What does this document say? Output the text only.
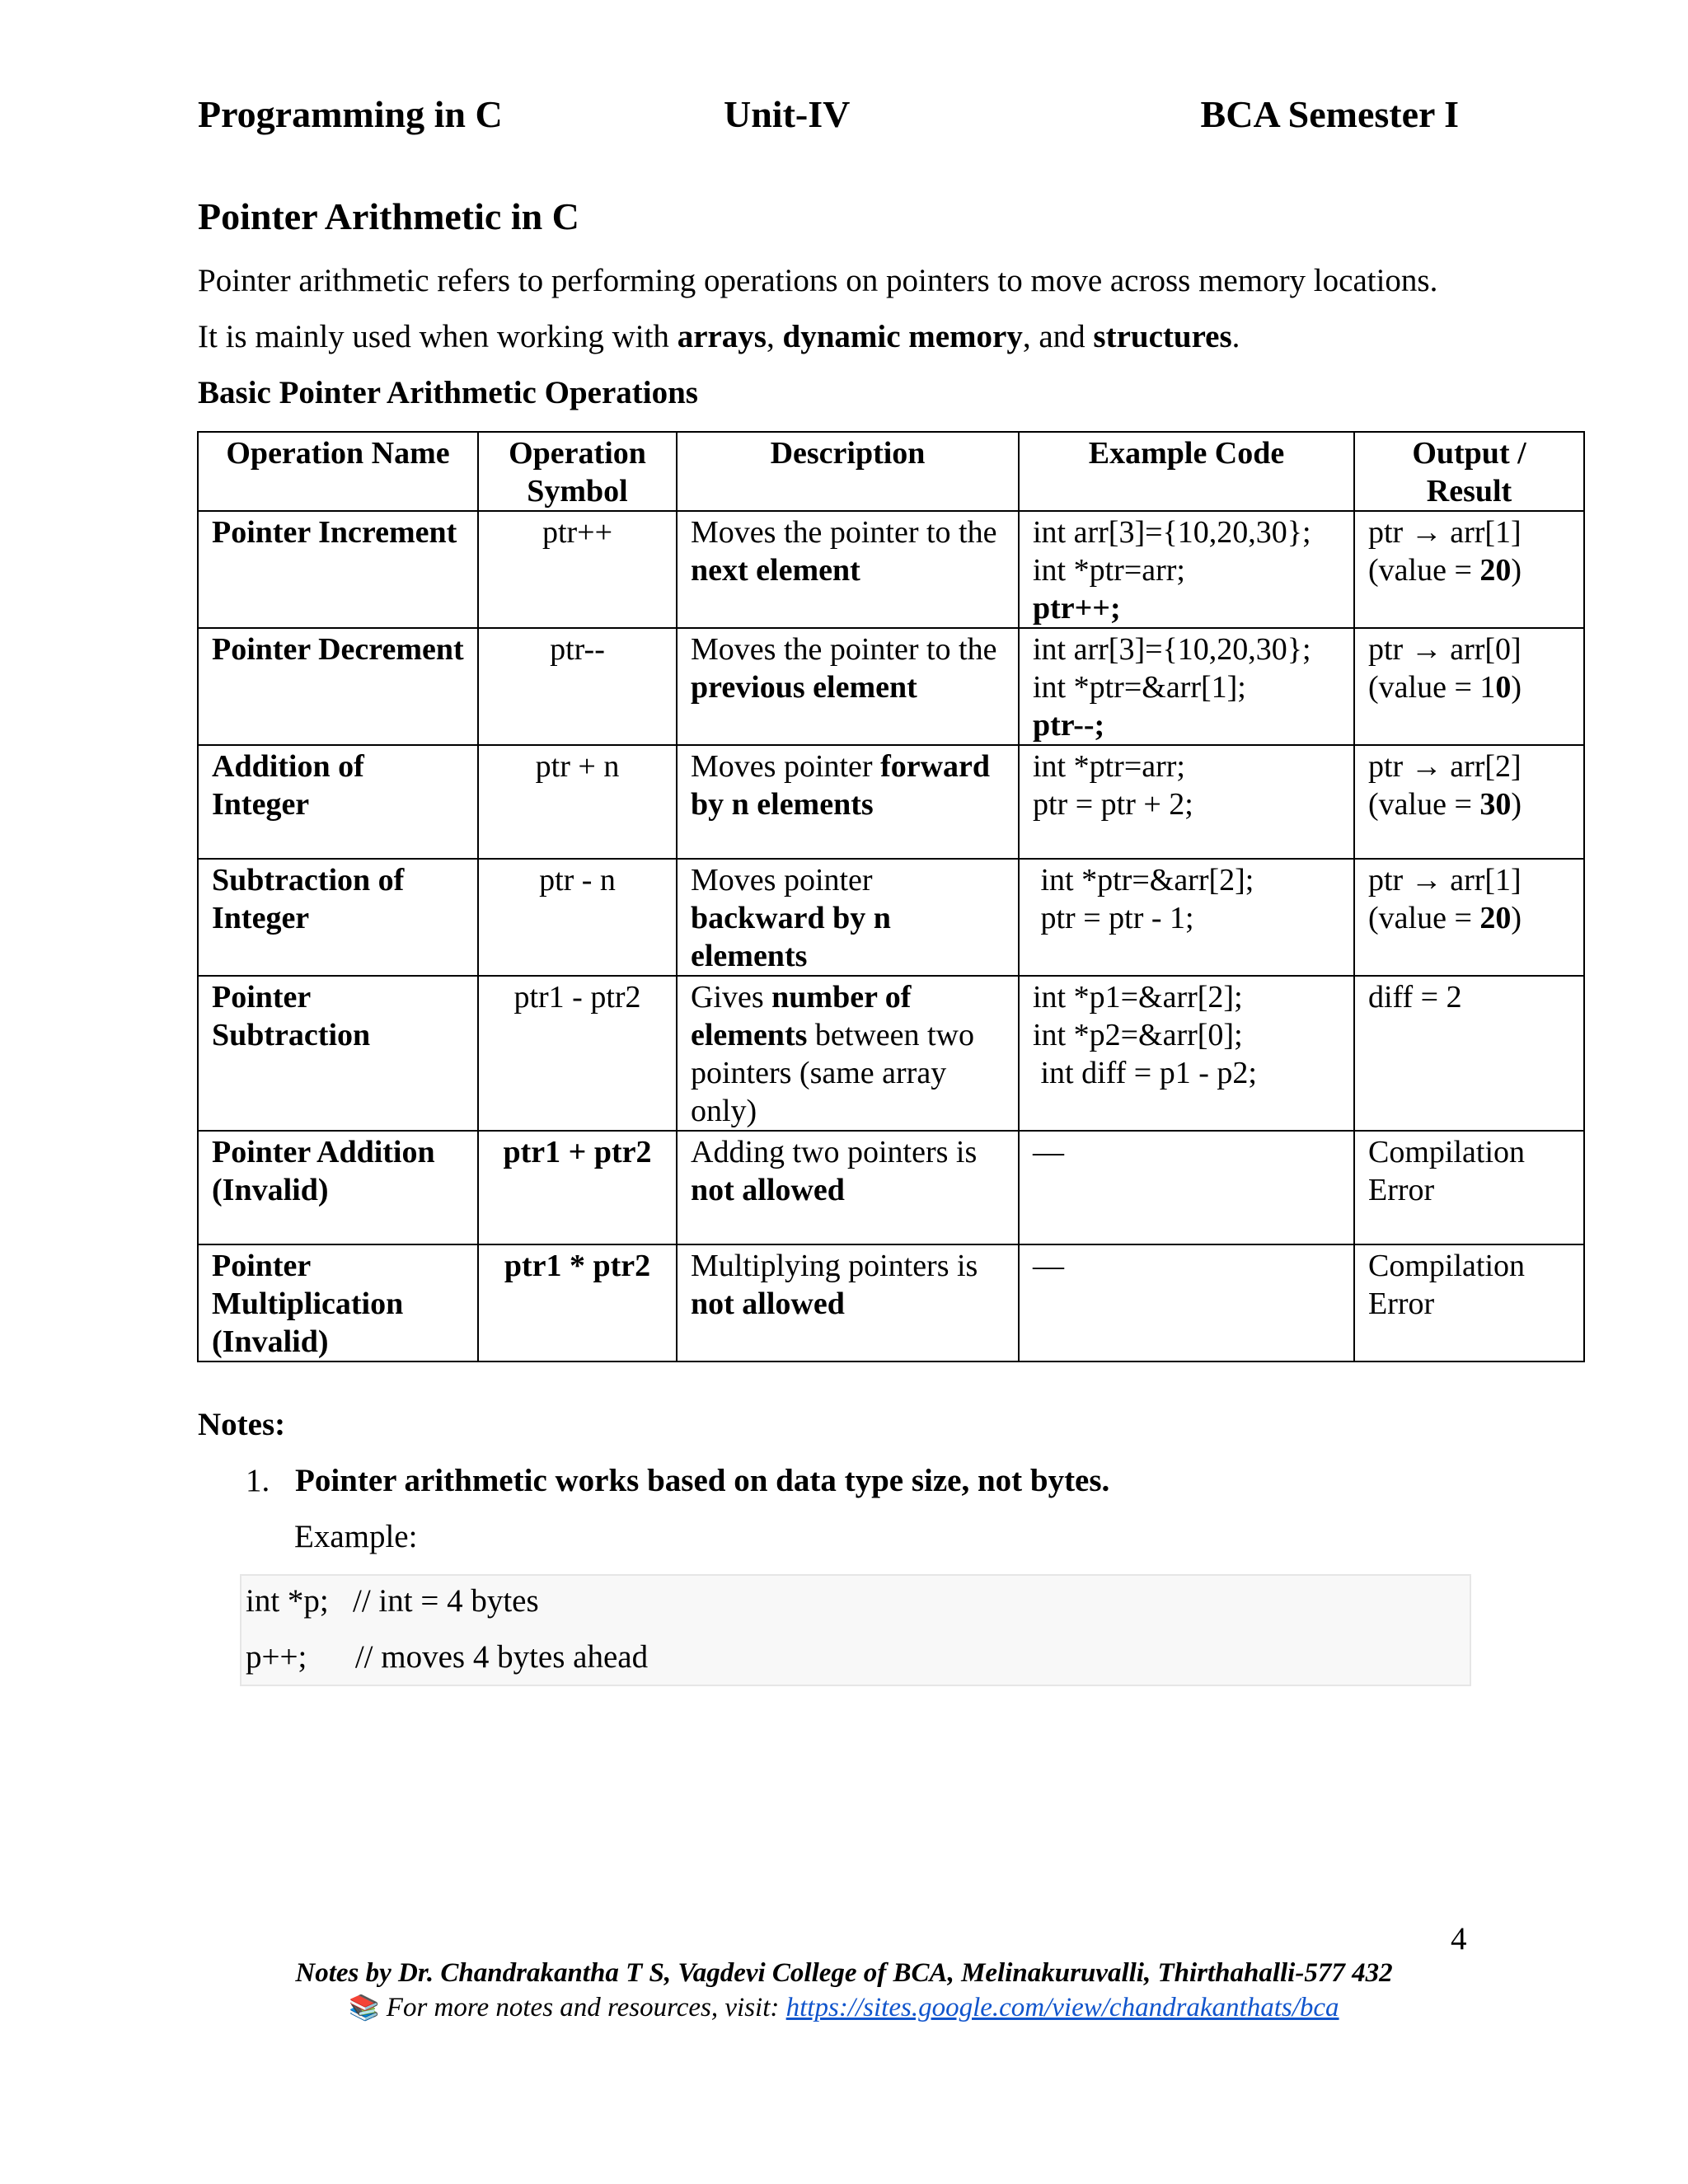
Programming in C	Unit-IV	BCA Semester I
Pointer Arithmetic in C
Pointer arithmetic refers to performing operations on pointers to move across memory locations.
It is mainly used when working with arrays, dynamic memory, and structures.
Basic Pointer Arithmetic Operations
Operation Name	Operation Symbol	Description	Example Code	Output / Result
Pointer Increment	ptr++	Moves the pointer to the next element	int arr[3]={10,20,30};
int *ptr=arr;
ptr++;	ptr → arr[1]
(value = 20)

Pointer Decrement	ptr--	Moves the pointer to the previous element	int arr[3]={10,20,30};
int *ptr=&arr[1];
ptr--;	ptr → arr[0]
(value = 10)

Addition of Integer	ptr + n	Moves pointer forward by n elements	int *ptr=arr;
ptr = ptr + 2;	ptr → arr[2]
(value = 30)

Subtraction of Integer	ptr - n	Moves pointer backward by n elements	int *ptr=&arr[2];
ptr = ptr - 1;	ptr → arr[1]
(value = 20)

Pointer Subtraction	ptr1 - ptr2	Gives number of elements between two pointers (same array only)	int *p1=&arr[2];
int *p2=&arr[0];
int diff = p1 - p2;	diff = 2

Pointer Addition (Invalid)	ptr1 + ptr2	Adding two pointers is not allowed	—	Compilation Error

Pointer Multiplication (Invalid)	ptr1 * ptr2	Multiplying pointers is not allowed	—	Compilation Error
Notes:
1. Pointer arithmetic works based on data type size, not bytes.
Example:
int *p;   // int = 4 bytes
p++;      // moves 4 bytes ahead
4
Notes by Dr. Chandrakantha T S, Vagdevi College of BCA, Melinakuruvalli, Thirthahalli-577 432
📚 For more notes and resources, visit: https://sites.google.com/view/chandrakanthats/bca
